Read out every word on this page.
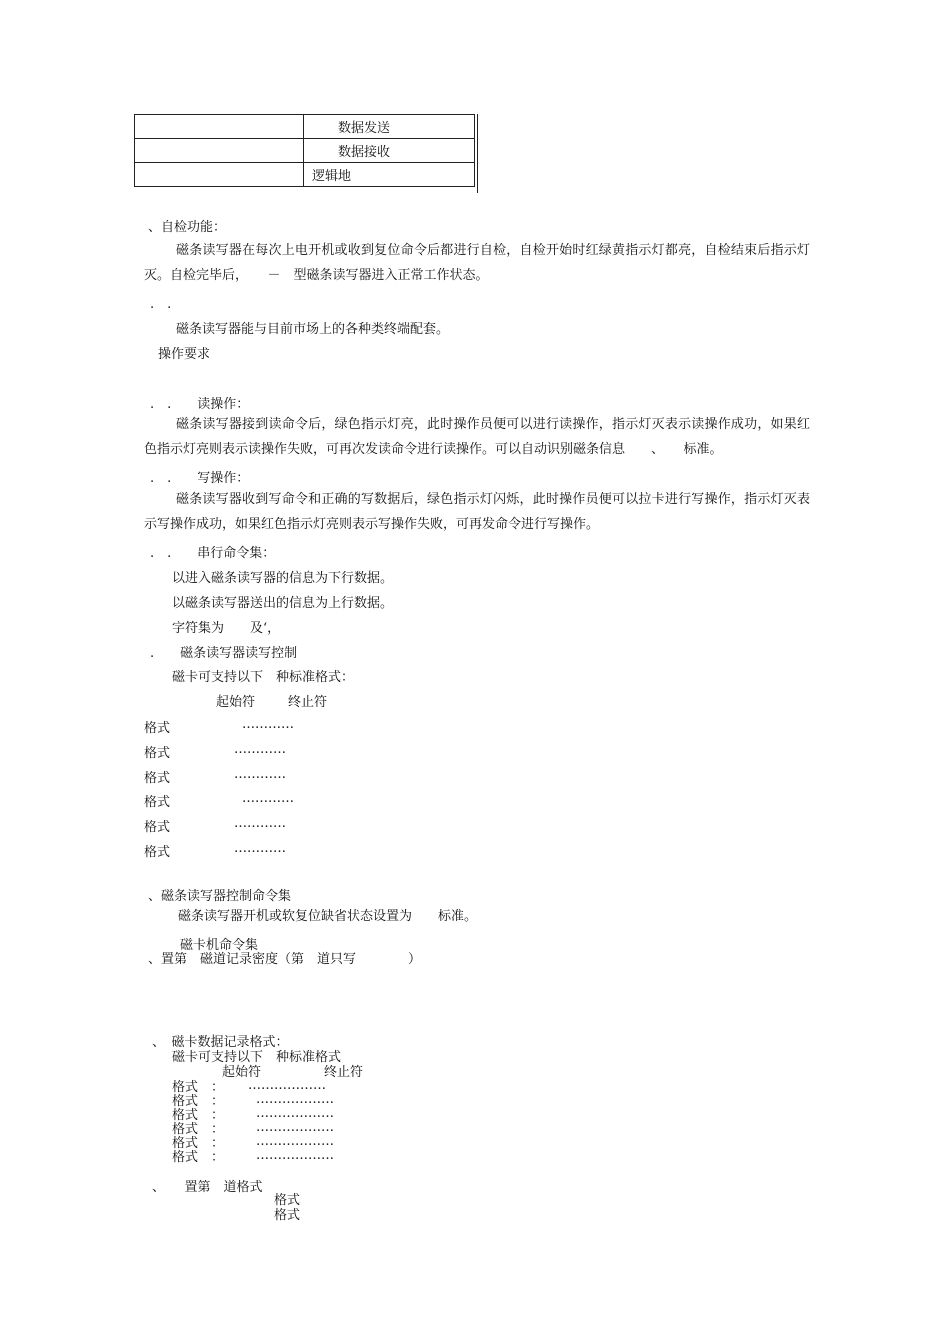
	数据发送
	数据接收
	逻辑地
、自检功能：
磁条读写器在每次上电开机或收到复位命令后都进行自检，自检开始时红绿黄指示灯都亮，自检结束后指示灯灭。自检完毕后，　　－　型磁条读写器进入正常工作状态。
.　.
磁条读写器能与目前市场上的各种类终端配套。
操作要求
.　.　　读操作：
磁条读写器接到读命令后，绿色指示灯亮，此时操作员便可以进行读操作，指示灯灭表示读操作成功，如果红色指示灯亮则表示读操作失败，可再次发读命令进行读操作。可以自动识别磁条信息　　、　　标准。
.　.　　写操作：
磁条读写器收到写命令和正确的写数据后，绿色指示灯闪烁，此时操作员便可以拉卡进行写操作，指示灯灭表示写操作成功，如果红色指示灯亮则表示写操作失败，可再发命令进行写操作。
.　.　　串行命令集：
以进入磁条读写器的信息为下行数据。
以磁条读写器送出的信息为上行数据。
字符集为　　及‘，
.　　磁条读写器读写控制
磁卡可支持以下　种标准格式：
起始符	终止符
格式	…………
格式	…………
格式	…………
格式	…………
格式	…………
格式	…………
、磁条读写器控制命令集
磁条读写器开机或软复位缺省状态设置为　　标准。
磁卡机命令集
、置第　磁道记录密度（第　道只写　　　　）
、　磁卡数据记录格式：
磁卡可支持以下　种标准格式
起始符	终止符
格式　： ………………
格式　： ………………
格式　： ………………
格式　： ………………
格式　： ………………
格式　： ………………
、　　置第　道格式
格式
格式
